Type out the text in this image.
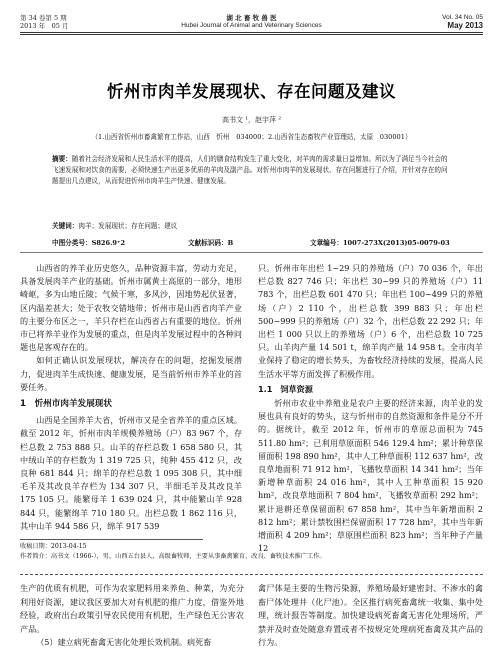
第 34 卷第 5 期
2013 年　05 月
湖 北 畜 牧 兽 医
Hubei Journal of Animal and Veterinary Sciences
Vol. 34 No. 05
May 2013
忻州市肉羊发展现状、存在问题及建议
高书文 ¹，赵宇萍 ²
（1.山西省忻州市畜禽繁育工作站，山西　忻州　034000；2.山西省生态畜牧产业管理站，太原　030001）
摘要：随着社会经济发展和人民生活水平的提高，人们的膳食结构发生了重大变化，对羊肉的需求量日益增加。所以为了满足当今社会的飞速发展和对饮食的需要，必须快速生产出更多优质的羊肉及副产品。对忻州市肉羊的发展现状、存在问题进行了介绍，并针对存在的问题提出几点建议，从而促进忻州市肉羊生产快速、健康发展。
关键词：肉羊；发展现状；存在问题；建议
中图分类号：S826.9⁺2	文献标识码：B	文章编号：1007-273X(2013)05-0079-03

山西省的养羊业历史悠久，品种资源丰富，劳动力充足，具备发展肉羊产业的基础。忻州市属黄土高原的一部分，地形崎岖，多为山地丘陵；气候干寒，多风沙，因地势起伏显著，区内温差甚大；处于农牧交错地带；忻州市是山西省肉羊产业的主要分布区之一，羊只存栏在山西省占有重要的地位。忻州市已将养羊业作为发展的重点，但是肉羊发展过程中的各种问题也是客观存在的。

如何正确认识发展现状，解决存在的问题，挖掘发展潜力，促进肉羊生成快速、健康发展，是当前忻州市养羊业的首要任务。

1　忻州市肉羊发展现状

山西是全国养羊大省，忻州市又是全省养羊的重点区域。截至 2012 年，忻州市肉羊规模养殖场（户）83 967 个，存栏总数 2 753 888 只。山羊的存栏总数 1 658 580 只，其中绒山羊的存栏数为 1 319 725 只，纯种 455 412 只，改良种 681 844 只；绵羊的存栏总数 1 095 308 只，其中细毛羊及其改良羊存栏为 134 307 只，半细毛羊及其改良羊 175 105 只。能繁母羊 1 639 024 只，其中能繁山羊 928 844 只，能繁绵羊 710 180 只。出栏总数 1 862 116 只，其中山羊 944 586 只，绵羊 917 539

只。忻州市年出栏 1~29 只的养殖场（户）70 036 个，年出栏总数 827 746 只；年出栏 30~99 只的养殖场（户）11 783 个，出栏总数 601 470 只；年出栏 100~499 只的养殖场（户）2 110 个，出栏总数 399 883 只；年出栏 500~999 只的养殖场（户）32 个，出栏总数 22 292 只；年出栏 1 000 只以上的养殖场（户）6 个，出栏总数 10 725 只。山羊肉产量 14 501 t，绵羊肉产量 14 958 t。全市肉羊业保持了稳定的增长势头，为畜牧经济持续的发展，提高人民生活水平等方面发挥了积极作用。

1.1　饲草资源

忻州市农业中养殖业是农户主要的经济来源，肉羊业的发展也具有良好的势头，这与忻州市的自然资源和条件是分不开的。据统计，截至 2012 年，忻州市的草原总面积为 745 511.80 hm²；已利用草原面积 546 129.4 hm²；累计种草保留面积 198 890 hm²，其中人工种草面积 112 637 hm²，改良草地面积 71 912 hm²，飞播牧草面积 14 341 hm²；当年新增种草面积 24 016 hm²，其中人工种草面积 15 920 hm²，改良草地面积 7 804 hm²，飞播牧草面积 292 hm²；累计退耕还草保留面积 67 858 hm²，其中当年新增面积 2 812 hm²；累计禁牧围栏保留面积 17 728 hm²，其中当年新增面积 4 209 hm²；草原围栏面积 823 hm²；当年种子产量 12

收稿日期：2013-04-15
作者简介：高书文（1966-），男，山西五台县人，高级畜牧师，主要从事畜禽繁育、改良、畜牧技术推广工作。

生产的优质有机肥，可作为农家肥料用来养鱼、种菜，为充分利用好资源，建议我区要加大对有机肥的推广力度，借鉴外地经验，政府出台政策引导农民使用有机肥，生产绿色无公害农产品。

（5）建立病死畜禽无害化处理长效机制。病死畜

禽尸体是主要的生物污染源，养殖场最好建密封、不渗水的禽畜尸体处理井（化尸池）。全区推行病死畜禽统一收集、集中处理，统计报告等制度。加快建设病死畜禽无害化处理场所，严禁并及时查处随意弃置或者不按规定处理病死畜禽及其产品的行为。
